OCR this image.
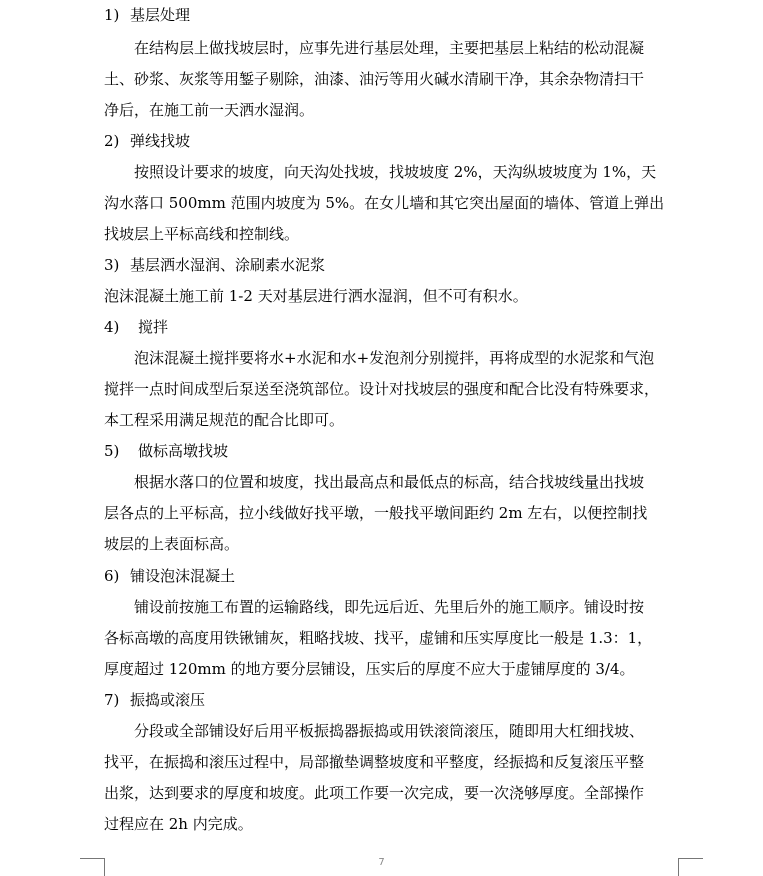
1) 基层处理
在结构层上做找坡层时，应事先进行基层处理，主要把基层上粘结的松动混凝
土、砂浆、灰浆等用錾子剔除，油漆、油污等用火碱水清刷干净，其余杂物清扫干
净后，在施工前一天洒水湿润。
2) 弹线找坡
按照设计要求的坡度，向天沟处找坡，找坡坡度 2%，天沟纵坡坡度为 1%，天
沟水落口 500mm 范围内坡度为 5%。在女儿墙和其它突出屋面的墙体、管道上弹出
找坡层上平标高线和控制线。
3) 基层洒水湿润、涂刷素水泥浆
泡沫混凝土施工前 1-2 天对基层进行洒水湿润，但不可有积水。
4) 搅拌
泡沫混凝土搅拌要将水+水泥和水+发泡剂分别搅拌，再将成型的水泥浆和气泡
搅拌一点时间成型后泵送至浇筑部位。设计对找坡层的强度和配合比没有特殊要求，
本工程采用满足规范的配合比即可。
5) 做标高墩找坡
根据水落口的位置和坡度，找出最高点和最低点的标高，结合找坡线量出找坡
层各点的上平标高，拉小线做好找平墩，一般找平墩间距约 2m 左右，以便控制找
坡层的上表面标高。
6) 铺设泡沫混凝土
铺设前按施工布置的运输路线，即先远后近、先里后外的施工顺序。铺设时按
各标高墩的高度用铁锹铺灰，粗略找坡、找平，虚铺和压实厚度比一般是 1.3：1，
厚度超过 120mm 的地方要分层铺设，压实后的厚度不应大于虚铺厚度的 3/4。
7) 振捣或滚压
分段或全部铺设好后用平板振捣器振捣或用铁滚筒滚压，随即用大杠细找坡、
找平，在振捣和滚压过程中，局部撤垫调整坡度和平整度，经振捣和反复滚压平整
出浆，达到要求的厚度和坡度。此项工作要一次完成，要一次浇够厚度。全部操作
过程应在 2h 内完成。
7
